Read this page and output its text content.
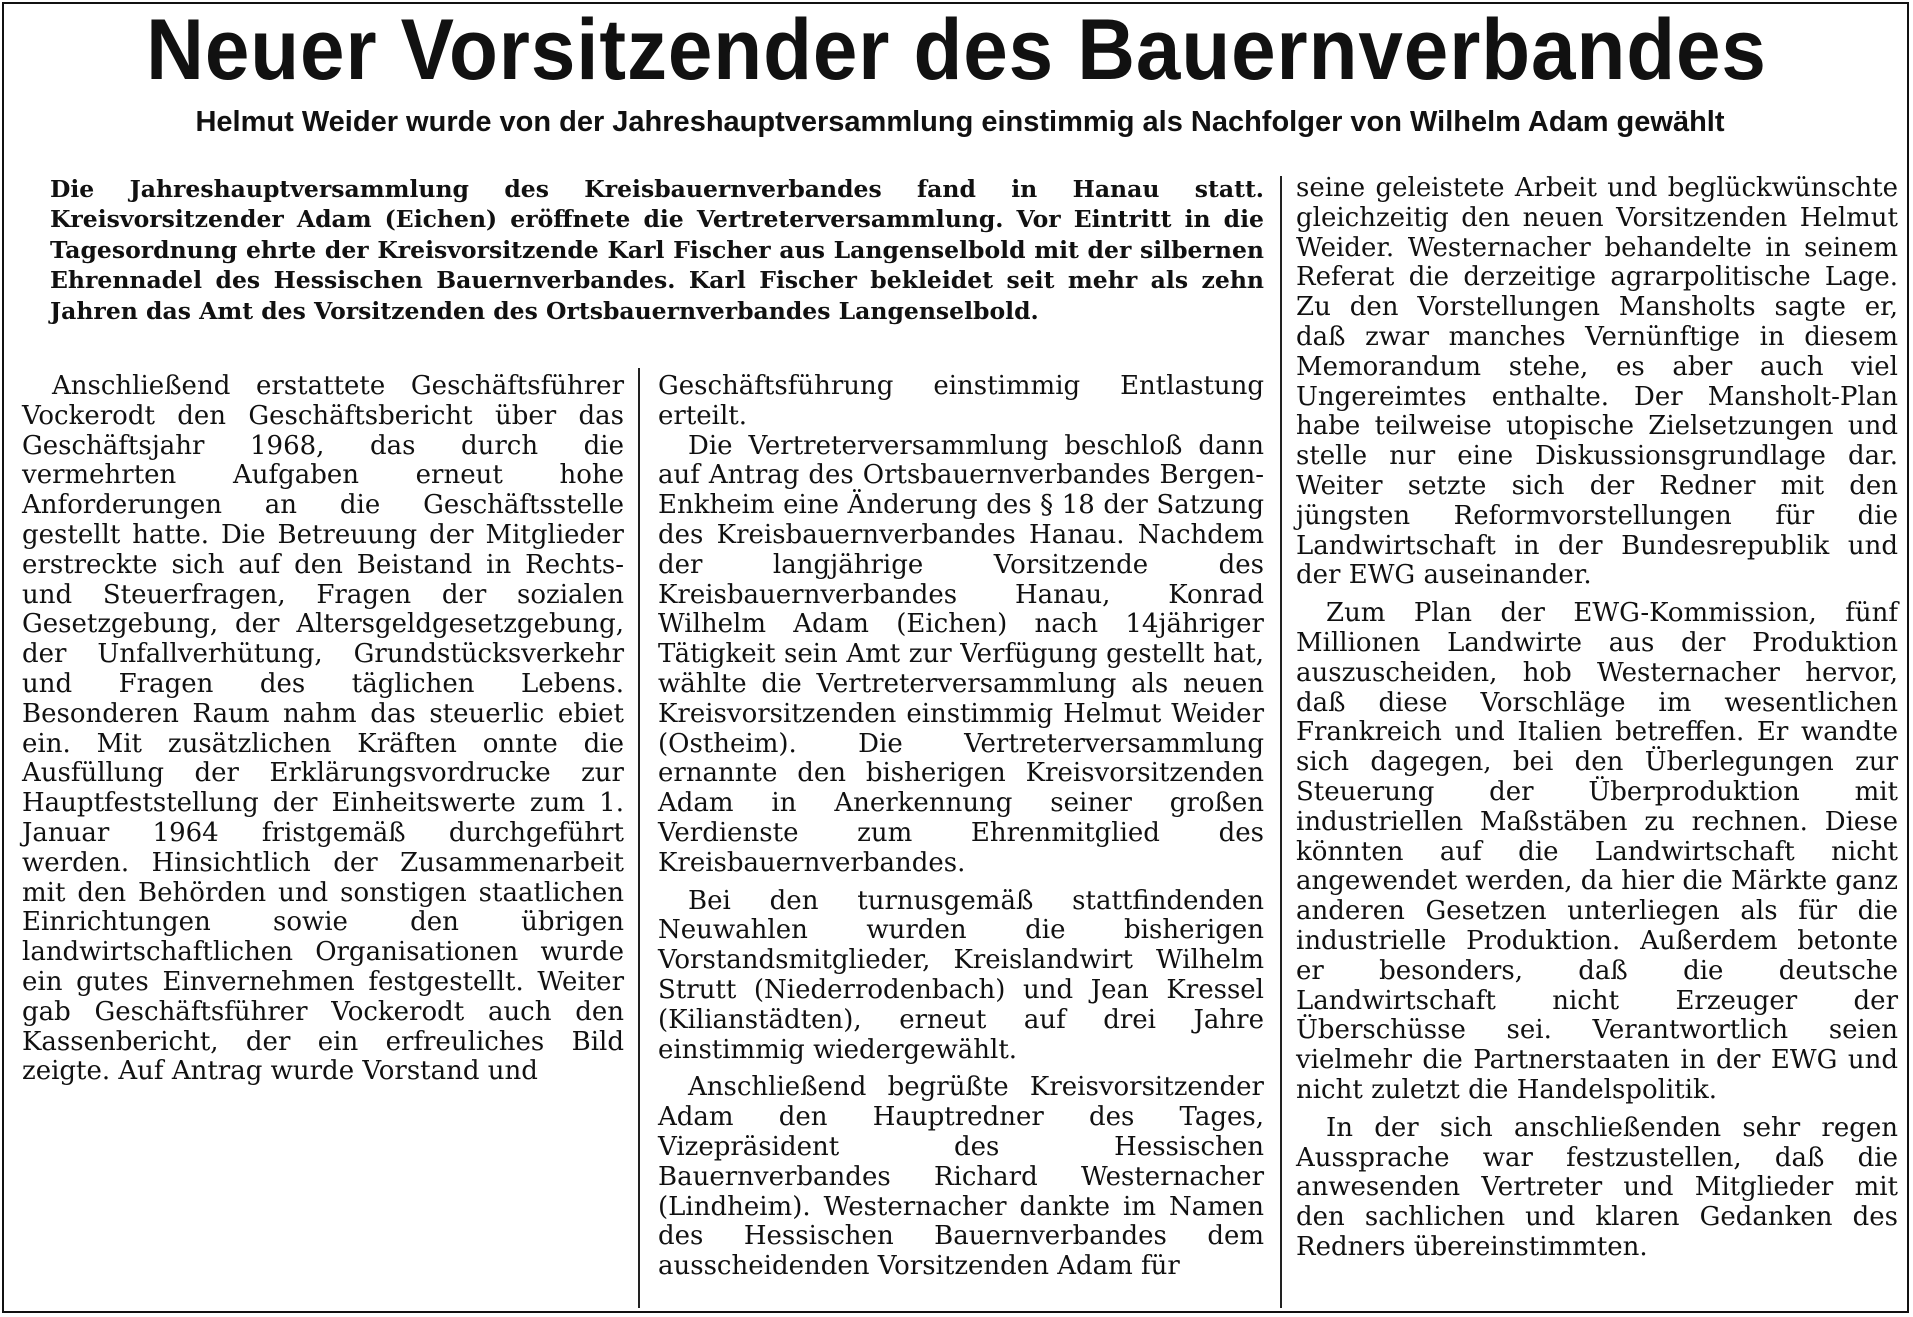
Neuer Vorsitzender des Bauernverbandes
Helmut Weider wurde von der Jahreshauptversammlung einstimmig als Nachfolger von Wilhelm Adam gewählt

Die Jahreshauptversammlung des Kreisbauernverbandes fand in Hanau statt. Kreisvorsitzender Adam (Eichen) eröffnete die Vertreterversammlung. Vor Eintritt in die Tagesordnung ehrte der Kreisvorsitzende Karl Fischer aus Langenselbold mit der silbernen Ehrennadel des Hessischen Bauernverbandes. Karl Fischer bekleidet seit mehr als zehn Jahren das Amt des Vorsitzenden des Ortsbauernverbandes Langenselbold.

Anschließend erstattete Geschäftsführer Vockerodt den Geschäftsbericht über das Geschäftsjahr 1968, das durch die vermehrten Aufgaben erneut hohe Anforderungen an die Geschäftsstelle gestellt hatte. Die Betreuung der Mitglieder erstreckte sich auf den Beistand in Rechts- und Steuerfragen, Fragen der sozialen Gesetzgebung, der Altersgeldgesetzgebung, der Unfallverhütung, Grundstücksverkehr und Fragen des täglichen Lebens. Besonderen Raum nahm das steuerlic ebiet ein. Mit zusätzlichen Kräften onnte die Ausfüllung der Erklärungsvordrucke zur Hauptfeststellung der Einheitswerte zum 1. Januar 1964 fristgemäß durchgeführt werden. Hinsichtlich der Zusammenarbeit mit den Behörden und sonstigen staatlichen Einrichtungen sowie den übrigen landwirtschaftlichen Organisationen wurde ein gutes Einvernehmen festgestellt. Weiter gab Geschäftsführer Vockerodt auch den Kassenbericht, der ein erfreuliches Bild zeigte. Auf Antrag wurde Vorstand und

Geschäftsführung einstimmig Entlastung erteilt.

Die Vertreterversammlung beschloß dann auf Antrag des Ortsbauernverbandes Bergen-Enkheim eine Änderung des § 18 der Satzung des Kreisbauernverbandes Hanau. Nachdem der langjährige Vorsitzende des Kreisbauernverbandes Hanau, Konrad Wilhelm Adam (Eichen) nach 14jähriger Tätigkeit sein Amt zur Verfügung gestellt hat, wählte die Vertreterversammlung als neuen Kreisvorsitzenden einstimmig Helmut Weider (Ostheim). Die Vertreterversammlung ernannte den bisherigen Kreisvorsitzenden Adam in Anerkennung seiner großen Verdienste zum Ehrenmitglied des Kreisbauernverbandes.

Bei den turnusgemäß stattfindenden Neuwahlen wurden die bisherigen Vorstandsmitglieder, Kreislandwirt Wilhelm Strutt (Niederrodenbach) und Jean Kressel (Kilianstädten), erneut auf drei Jahre einstimmig wiedergewählt.

Anschließend begrüßte Kreisvorsitzender Adam den Hauptredner des Tages, Vizepräsident des Hessischen Bauernverbandes Richard Westernacher (Lindheim). Westernacher dankte im Namen des Hessischen Bauernverbandes dem ausscheidenden Vorsitzenden Adam für

seine geleistete Arbeit und beglückwünschte gleichzeitig den neuen Vorsitzenden Helmut Weider. Westernacher behandelte in seinem Referat die derzeitige agrarpolitische Lage. Zu den Vorstellungen Mansholts sagte er, daß zwar manches Vernünftige in diesem Memorandum stehe, es aber auch viel Ungereimtes enthalte. Der Mansholt-Plan habe teilweise utopische Zielsetzungen und stelle nur eine Diskussionsgrundlage dar. Weiter setzte sich der Redner mit den jüngsten Reformvorstellungen für die Landwirtschaft in der Bundesrepublik und der EWG auseinander.

Zum Plan der EWG-Kommission, fünf Millionen Landwirte aus der Produktion auszuscheiden, hob Westernacher hervor, daß diese Vorschläge im wesentlichen Frankreich und Italien betreffen. Er wandte sich dagegen, bei den Überlegungen zur Steuerung der Überproduktion mit industriellen Maßstäben zu rechnen. Diese könnten auf die Landwirtschaft nicht angewendet werden, da hier die Märkte ganz anderen Gesetzen unterliegen als für die industrielle Produktion. Außerdem betonte er besonders, daß die deutsche Landwirtschaft nicht Erzeuger der Überschüsse sei. Verantwortlich seien vielmehr die Partnerstaaten in der EWG und nicht zuletzt die Handelspolitik.

In der sich anschließenden sehr regen Aussprache war festzustellen, daß die anwesenden Vertreter und Mitglieder mit den sachlichen und klaren Gedanken des Redners übereinstimmten.
